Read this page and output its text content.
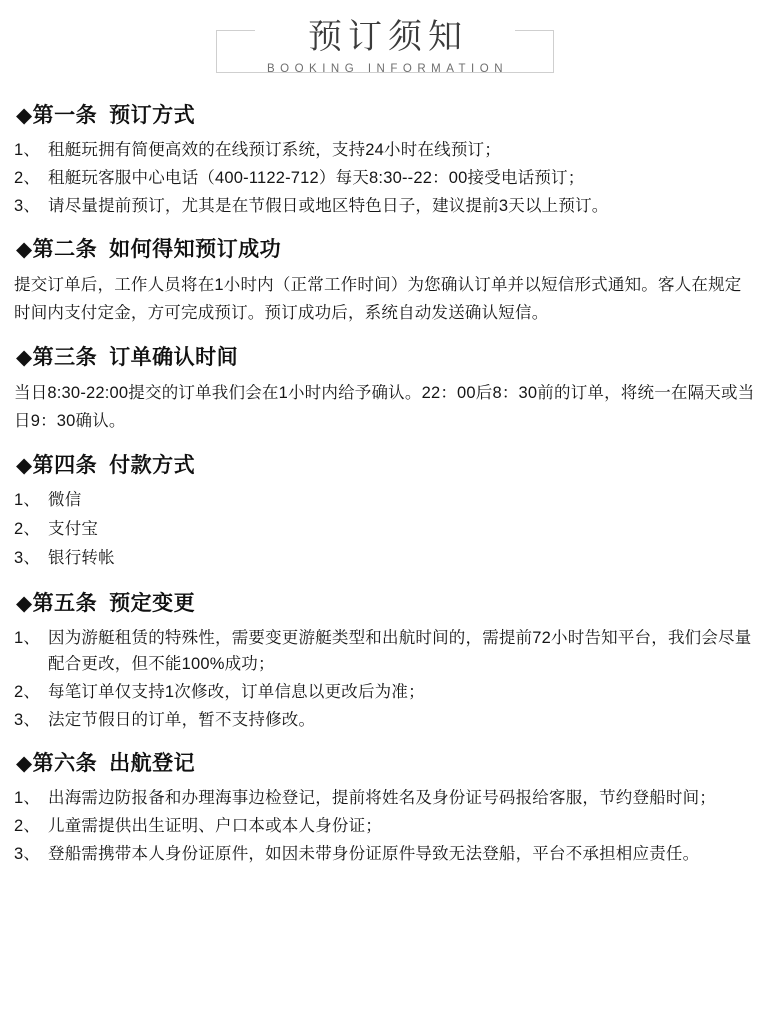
预订须知
BOOKING INFORMATION
◆第一条 预订方式
1、 租艇玩拥有简便高效的在线预订系统，支持24小时在线预订；
2、 租艇玩客服中心电话（400-1122-712）每天8:30--22：00接受电话预订；
3、 请尽量提前预订，尤其是在节假日或地区特色日子，建议提前3天以上预订。
◆第二条 如何得知预订成功

提交订单后，工作人员将在1小时内（正常工作时间）为您确认订单并以短信形式通知。客人在规定时间内支付定金，方可完成预订。预订成功后，系统自动发送确认短信。

◆第三条 订单确认时间

当日8:30-22:00提交的订单我们会在1小时内给予确认。22：00后8：30前的订单，将统一在隔天或当日9：30确认。

◆第四条 付款方式
1、 微信
2、 支付宝
3、 银行转帐
◆第五条 预定变更
1、 因为游艇租赁的特殊性，需要变更游艇类型和出航时间的，需提前72小时告知平台，我们会尽量配合更改，但不能100%成功；
2、 每笔订单仅支持1次修改，订单信息以更改后为准；
3、 法定节假日的订单，暂不支持修改。
◆第六条 出航登记
1、 出海需边防报备和办理海事边检登记，提前将姓名及身份证号码报给客服，节约登船时间；
2、 儿童需提供出生证明、户口本或本人身份证；
3、 登船需携带本人身份证原件，如因未带身份证原件导致无法登船，平台不承担相应责任。
